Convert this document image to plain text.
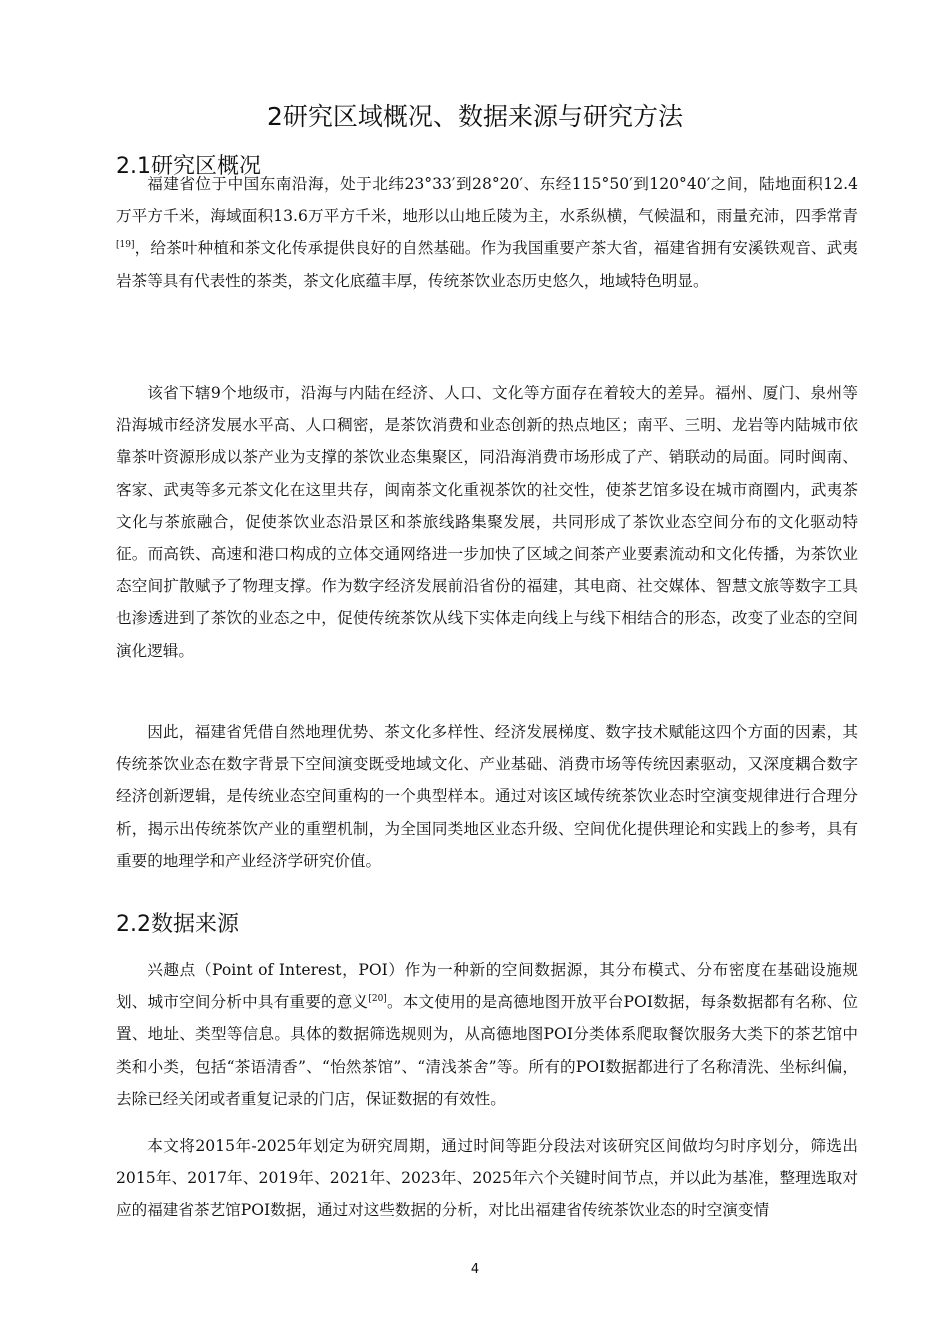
2研究区域概况、数据来源与研究方法
2.1研究区概况

福建省位于中国东南沿海，处于北纬23°33′到28°20′、东经115°50′到120°40′之间，陆地面积12.4万平方千米，海域面积13.6万平方千米，地形以山地丘陵为主，水系纵横，气候温和，雨量充沛，四季常青[19]，给茶叶种植和茶文化传承提供良好的自然基础。作为我国重要产茶大省，福建省拥有安溪铁观音、武夷岩茶等具有代表性的茶类，茶文化底蕴丰厚，传统茶饮业态历史悠久，地域特色明显。

该省下辖9个地级市，沿海与内陆在经济、人口、文化等方面存在着较大的差异。福州、厦门、泉州等沿海城市经济发展水平高、人口稠密，是茶饮消费和业态创新的热点地区；南平、三明、龙岩等内陆城市依靠茶叶资源形成以茶产业为支撑的茶饮业态集聚区，同沿海消费市场形成了产、销联动的局面。同时闽南、客家、武夷等多元茶文化在这里共存，闽南茶文化重视茶饮的社交性，使茶艺馆多设在城市商圈内，武夷茶文化与茶旅融合，促使茶饮业态沿景区和茶旅线路集聚发展，共同形成了茶饮业态空间分布的文化驱动特征。而高铁、高速和港口构成的立体交通网络进一步加快了区域之间茶产业要素流动和文化传播，为茶饮业态空间扩散赋予了物理支撑。作为数字经济发展前沿省份的福建，其电商、社交媒体、智慧文旅等数字工具也渗透进到了茶饮的业态之中，促使传统茶饮从线下实体走向线上与线下相结合的形态，改变了业态的空间演化逻辑。

因此，福建省凭借自然地理优势、茶文化多样性、经济发展梯度、数字技术赋能这四个方面的因素，其传统茶饮业态在数字背景下空间演变既受地域文化、产业基础、消费市场等传统因素驱动，又深度耦合数字经济创新逻辑，是传统业态空间重构的一个典型样本。通过对该区域传统茶饮业态时空演变规律进行合理分析，揭示出传统茶饮产业的重塑机制，为全国同类地区业态升级、空间优化提供理论和实践上的参考，具有重要的地理学和产业经济学研究价值。

2.2数据来源

兴趣点（Point of Interest，POI）作为一种新的空间数据源，其分布模式、分布密度在基础设施规划、城市空间分析中具有重要的意义[20]。本文使用的是高德地图开放平台POI数据，每条数据都有名称、位置、地址、类型等信息。具体的数据筛选规则为，从高德地图POI分类体系爬取餐饮服务大类下的茶艺馆中类和小类，包括“茶语清香”、“怡然茶馆”、“清浅茶舍”等。所有的POI数据都进行了名称清洗、坐标纠偏，去除已经关闭或者重复记录的门店，保证数据的有效性。

本文将2015年-2025年划定为研究周期，通过时间等距分段法对该研究区间做均匀时序划分，筛选出2015年、2017年、2019年、2021年、2023年、2025年六个关键时间节点，并以此为基准，整理选取对应的福建省茶艺馆POI数据，通过对这些数据的分析，对比出福建省传统茶饮业态的时空演变情

4
